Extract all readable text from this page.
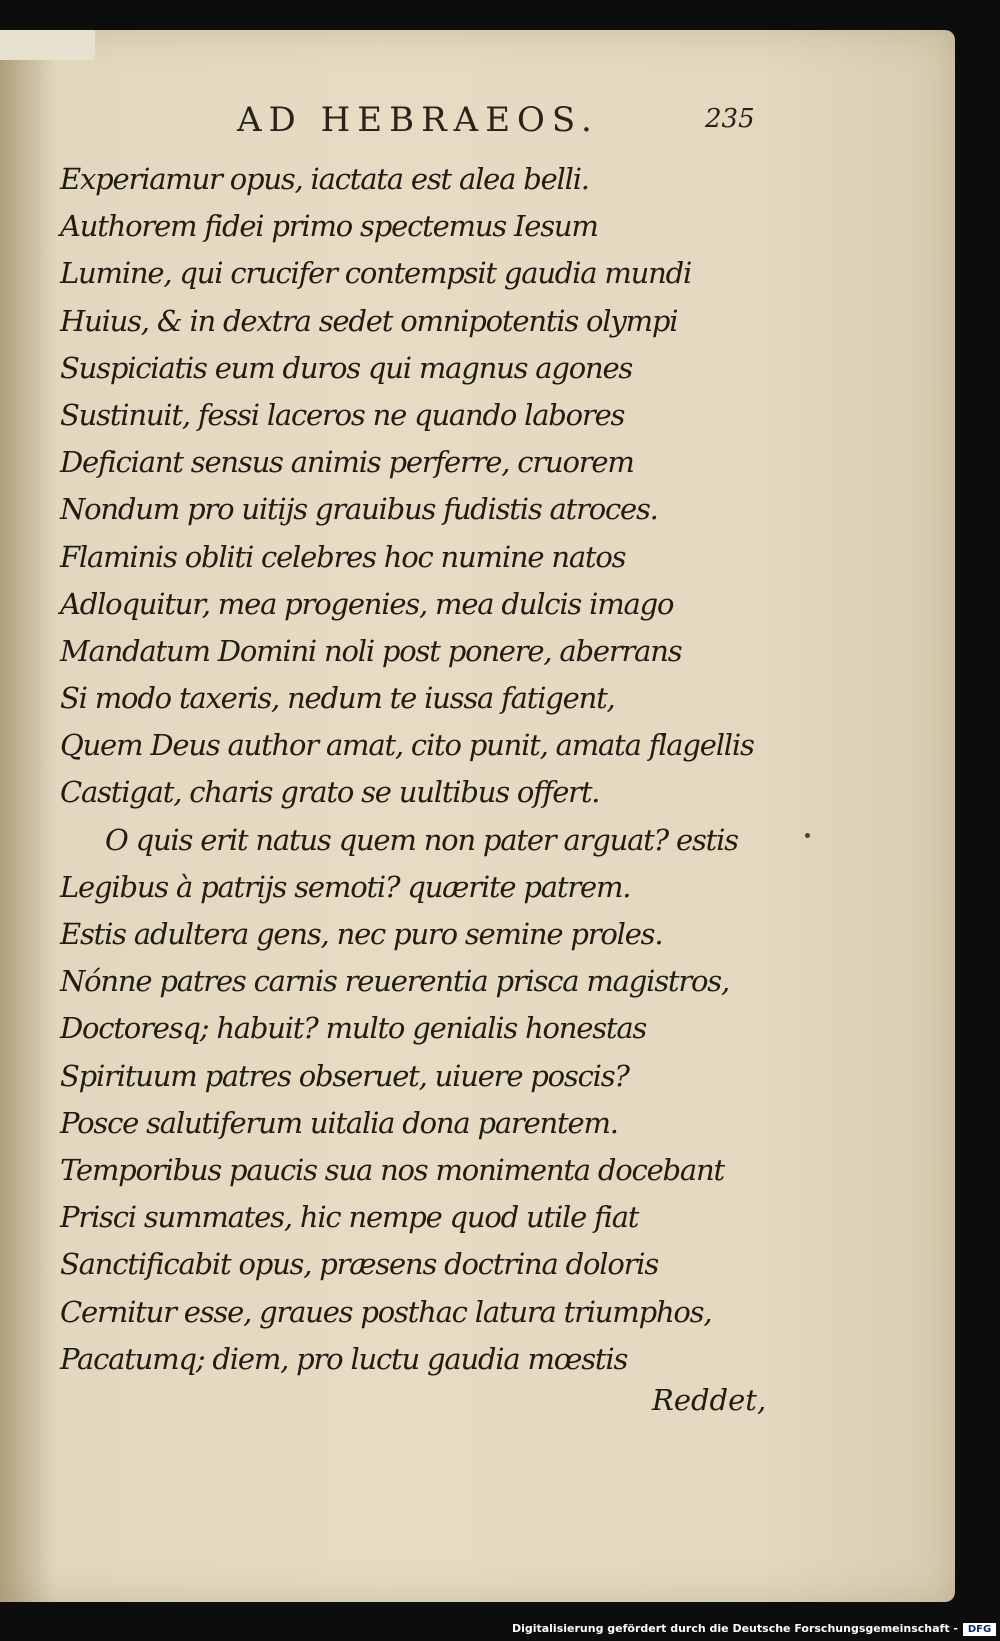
AD HEBRAEOS.	235
Experiamur opus, iactata est alea belli.
Authorem fidei primo spectemus Iesum
Lumine, qui crucifer contempsit gaudia mundi
Huius, & in dextra sedet omnipotentis olympi
Suspiciatis eum duros qui magnus agones
Sustinuit, fessi laceros ne quando labores
Deficiant sensus animis perferre, cruorem
Nondum pro uitijs grauibus fudistis atroces.
Flaminis obliti celebres hoc numine natos
Adloquitur, mea progenies, mea dulcis imago
Mandatum Domini noli post ponere, aberrans
Si modo taxeris, nedum te iussa fatigent,
Quem Deus author amat, cito punit, amata flagellis
Castigat, charis grato se uultibus offert.
O quis erit natus quem non pater arguat? estis
Legibus à patrijs semoti? quærite patrem.
Estis adultera gens, nec puro semine proles.
Nónne patres carnis reuerentia prisca magistros,
Doctoresq; habuit? multo genialis honestas
Spirituum patres obseruet, uiuere poscis?
Posce salutiferum uitalia dona parentem.
Temporibus paucis sua nos monimenta docebant
Prisci summates, hic nempe quod utile fiat
Sanctificabit opus, præsens doctrina doloris
Cernitur esse, graues posthac latura triumphos,
Pacatumq; diem, pro luctu gaudia mœstis
Reddet,
Digitalisierung gefördert durch die Deutsche Forschungsgemeinschaft - DFG
